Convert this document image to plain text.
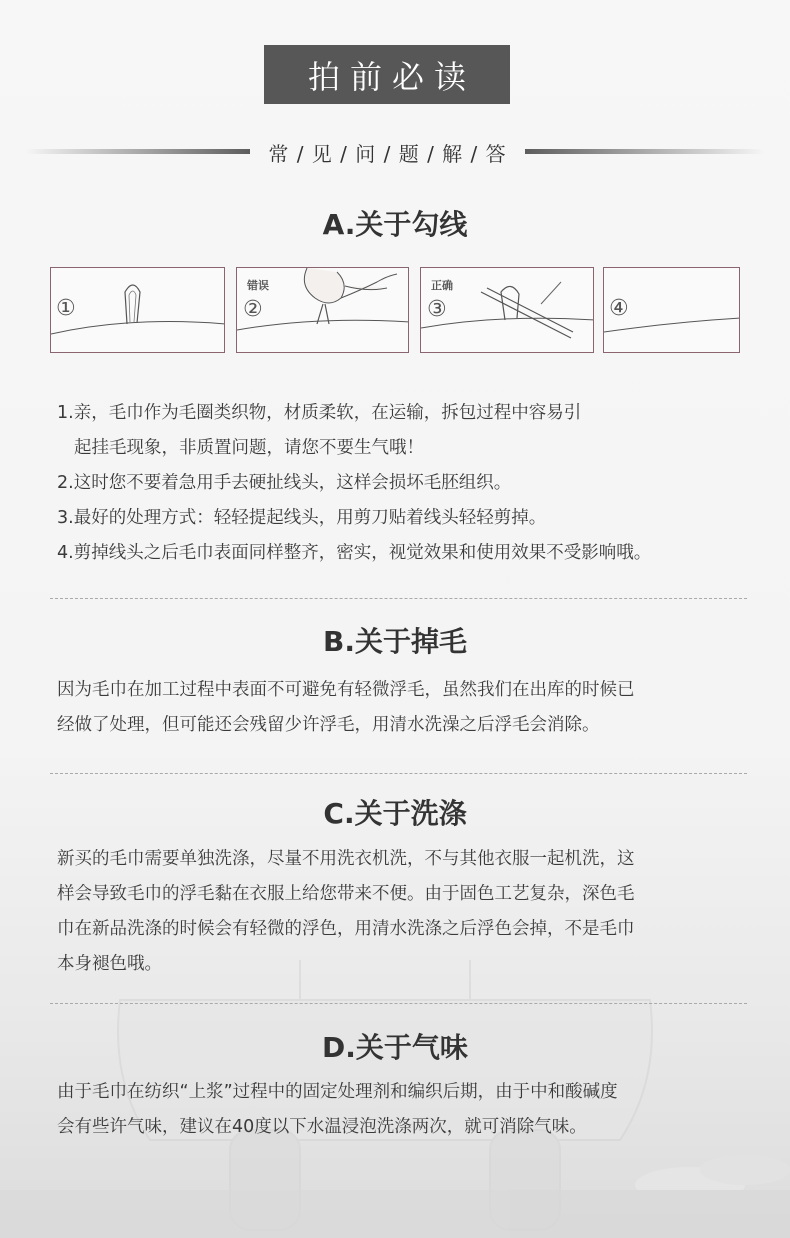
拍前必读
常 / 见 / 问 / 题 / 解 / 答
A.关于勾线
①	②
错误
③
正确
④

1.亲，毛巾作为毛圈类织物，材质柔软，在运输，拆包过程中容易引

起挂毛现象，非质置问题，请您不要生气哦！

2.这时您不要着急用手去硬扯线头，这样会损坏毛胚组织。

3.最好的处理方式：轻轻提起线头，用剪刀贴着线头轻轻剪掉。

4.剪掉线头之后毛巾表面同样整齐，密实，视觉效果和使用效果不受影响哦。

B.关于掉毛

因为毛巾在加工过程中表面不可避免有轻微浮毛，虽然我们在出库的时候已

经做了处理，但可能还会残留少许浮毛，用清水洗澡之后浮毛会消除。

C.关于洗涤

新买的毛巾需要单独洗涤，尽量不用洗衣机洗，不与其他衣服一起机洗，这

样会导致毛巾的浮毛黏在衣服上给您带来不便。由于固色工艺复杂，深色毛

巾在新品洗涤的时候会有轻微的浮色，用清水洗涤之后浮色会掉，不是毛巾

本身褪色哦。

D.关于气味

由于毛巾在纺织“上浆”过程中的固定处理剂和编织后期，由于中和酸碱度

会有些许气味，建议在40度以下水温浸泡洗涤两次，就可消除气味。
